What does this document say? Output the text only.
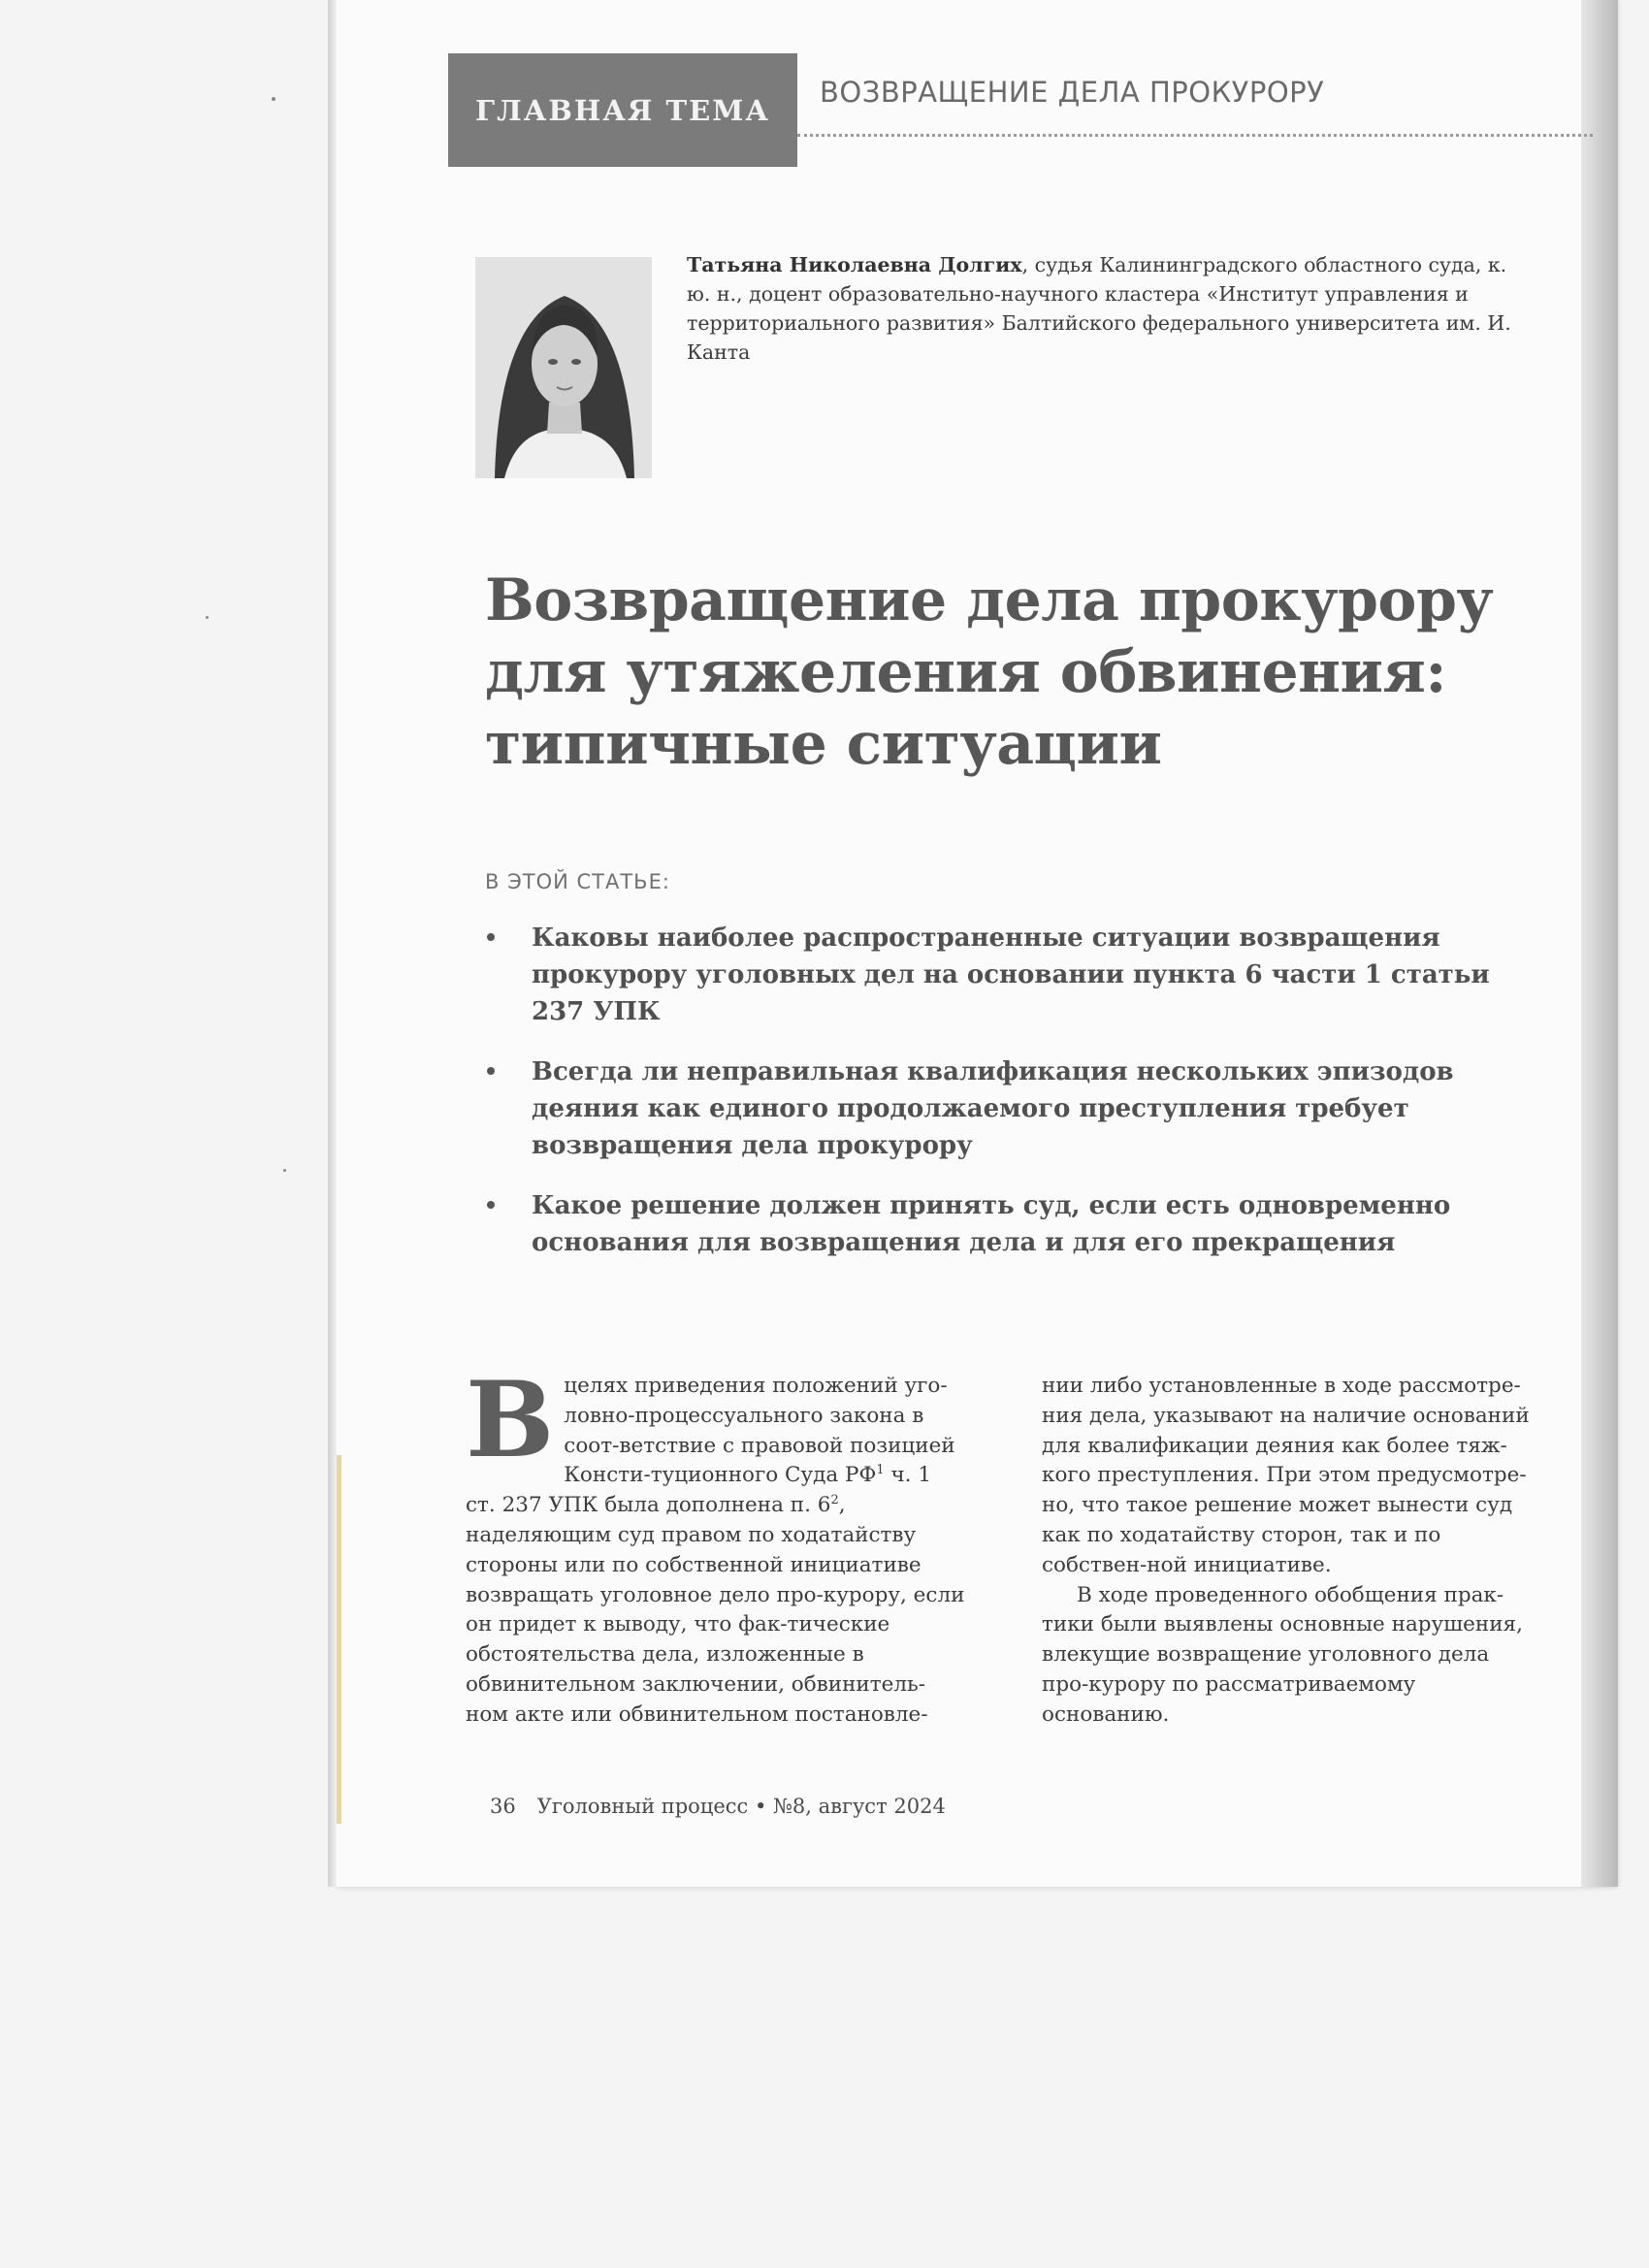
ГЛАВНАЯ ТЕМА
ВОЗВРАЩЕНИЕ ДЕЛА ПРОКУРОРУ
Татьяна Николаевна Долгих, судья Калининградского областного суда, к. ю. н., доцент образовательно-научного кластера «Институт управления и территориального развития» Балтийского федерального университета им. И. Канта
Возвращение дела прокурору
для утяжеления обвинения:
типичные ситуации
В ЭТОЙ СТАТЬЕ:
Каковы наиболее распространенные ситуации возвращения прокурору уголовных дел на основании пункта 6 части 1 статьи 237 УПК
Всегда ли неправильная квалификация нескольких эпизодов деяния как единого продолжаемого преступления требует возвращения дела прокурору
Какое решение должен принять суд, если есть одновременно основания для возвращения дела и для его прекращения

В целях приведения положений уго-ловно-процессуального закона в соот-ветствие с правовой позицией Консти-туционного Суда $РФ^1$ ч. 1 ст. 237 УПК была дополнена п. $6^2$, наделяющим суд правом по ходатайству стороны или по собственной инициативе возвращать уголовное дело про-курору, если он придет к выводу, что фак-тические обстоятельства дела, изложенные в обвинительном заключении, обвинитель-ном акте или обвинительном постановле-

нии либо установленные в ходе рассмотре-ния дела, указывают на наличие оснований для квалификации деяния как более тяж-кого преступления. При этом предусмотре-но, что такое решение может вынести суд как по ходатайству сторон, так и по собствен-ной инициативе.

В ходе проведенного обобщения прак-тики были выявлены основные нарушения, влекущие возвращение уголовного дела про-курору по рассматриваемому основанию.

36 Уголовный процесс • №8, август 2024
